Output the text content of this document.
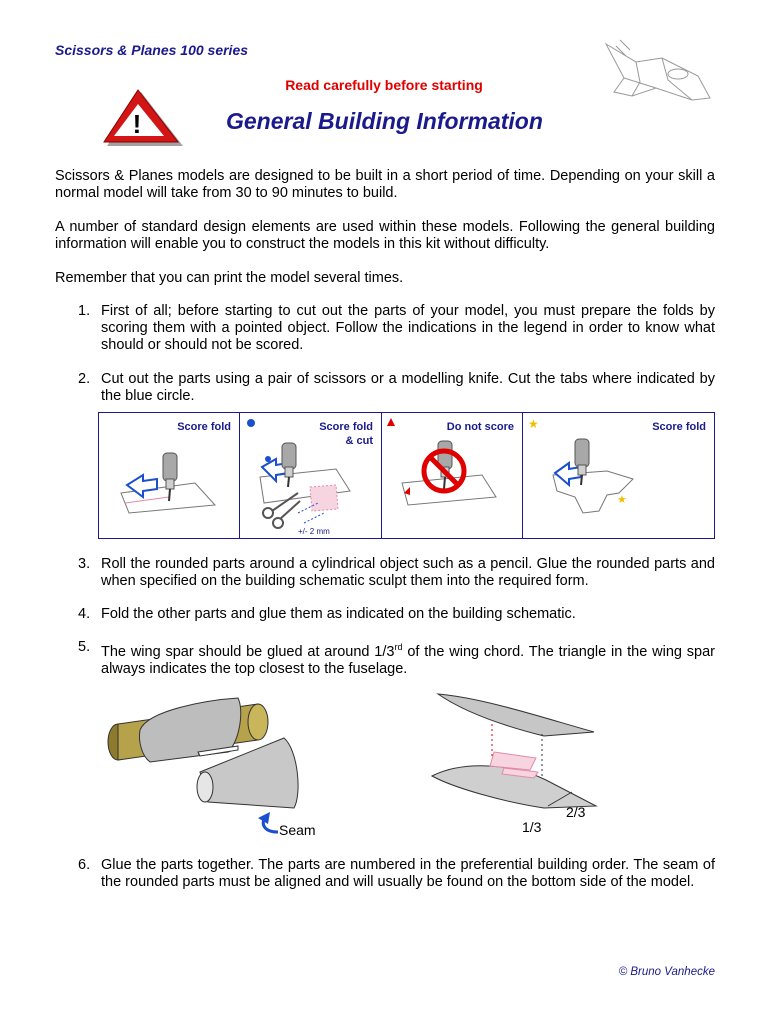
Scissors & Planes 100 series
Read carefully before starting
!	General Building Information
Scissors & Planes models are designed to be built in a short period of time. Depending on your skill a normal model will take from 30 to 90 minutes to build.
A number of standard design elements are used within these models. Following the general building information will enable you to construct the models in this kit without difficulty.
Remember that you can print the model several times.
1. First of all; before starting to cut out the parts of your model, you must prepare the folds by scoring them with a pointed object. Follow the indications in the legend in order to know what should or should not be scored.
2. Cut out the parts using a pair of scissors or a modelling knife. Cut the tabs where indicated by the blue circle.
Score fold
+/- 2 mm
Score fold
& cut
Do not score ★
★
Score fold
3. Roll the rounded parts around a cylindrical object such as a pencil. Glue the rounded parts and when specified on the building schematic sculpt them into the required form.
4. Fold the other parts and glue them as indicated on the building schematic.
5. The wing spar should be glued at around 1/3rd of the wing chord. The triangle in the wing spar always indicates the top closest to the fuselage.
Seam
2/3
1/3
6. Glue the parts together. The parts are numbered in the preferential building order. The seam of the rounded parts must be aligned and will usually be found on the bottom side of the model.
© Bruno Vanhecke
